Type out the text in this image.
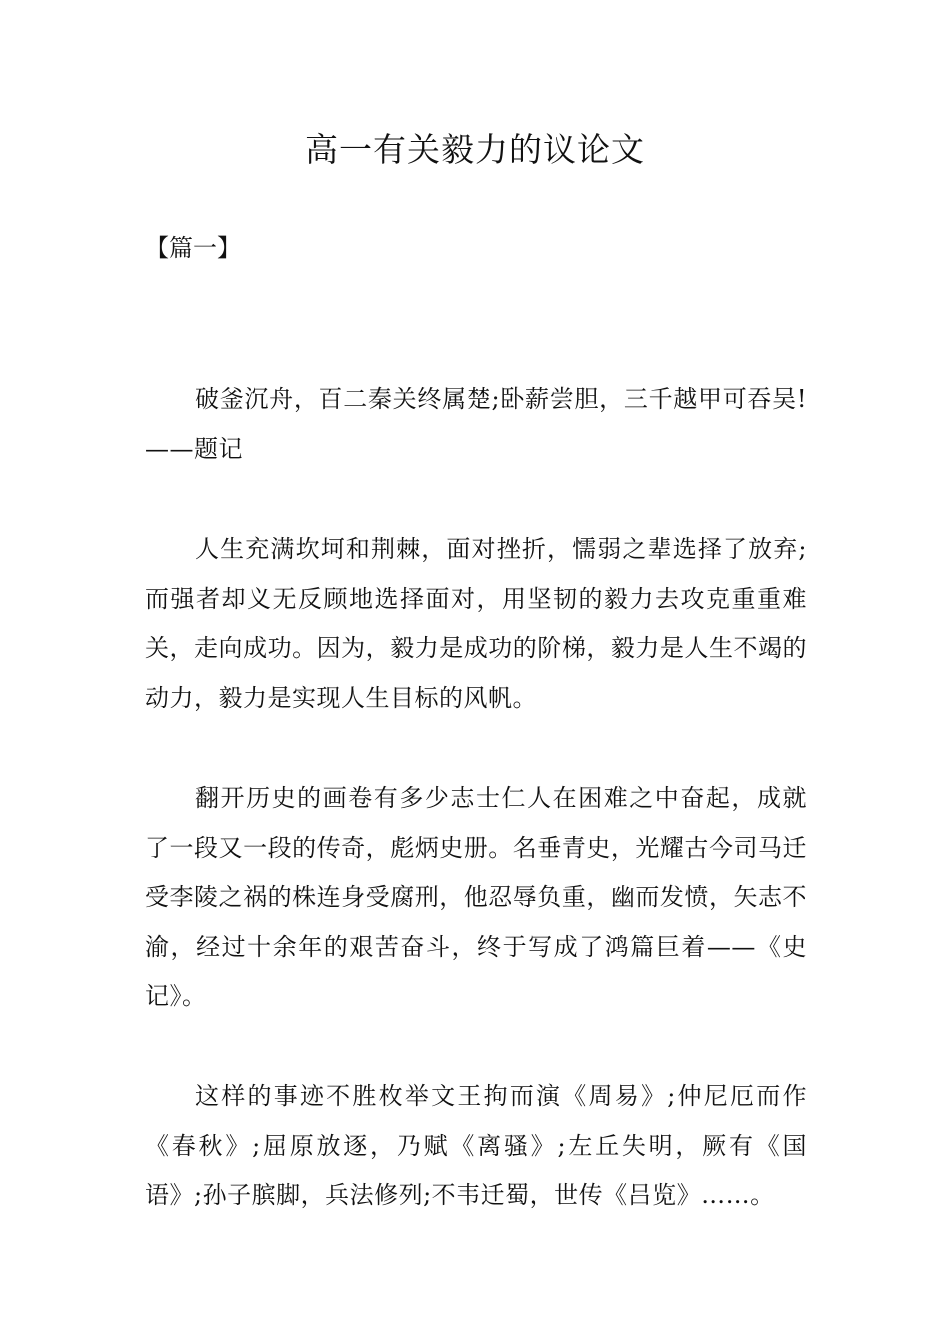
高一有关毅力的议论文

【篇一】

破釜沉舟，百二秦关终属楚;卧薪尝胆，三千越甲可吞吴!——题记

人生充满坎坷和荆棘，面对挫折，懦弱之辈选择了放弃;而强者却义无反顾地选择面对，用坚韧的毅力去攻克重重难关，走向成功。因为，毅力是成功的阶梯，毅力是人生不竭的动力，毅力是实现人生目标的风帆。

翻开历史的画卷有多少志士仁人在困难之中奋起，成就了一段又一段的传奇，彪炳史册。名垂青史，光耀古今司马迁受李陵之祸的株连身受腐刑，他忍辱负重，幽而发愤，矢志不渝，经过十余年的艰苦奋斗，终于写成了鸿篇巨着——《史记》。

这样的事迹不胜枚举文王拘而演《周易》;仲尼厄而作《春秋》;屈原放逐，乃赋《离骚》;左丘失明，厥有《国语》;孙子膑脚，兵法修列;不韦迁蜀，世传《吕览》……。
